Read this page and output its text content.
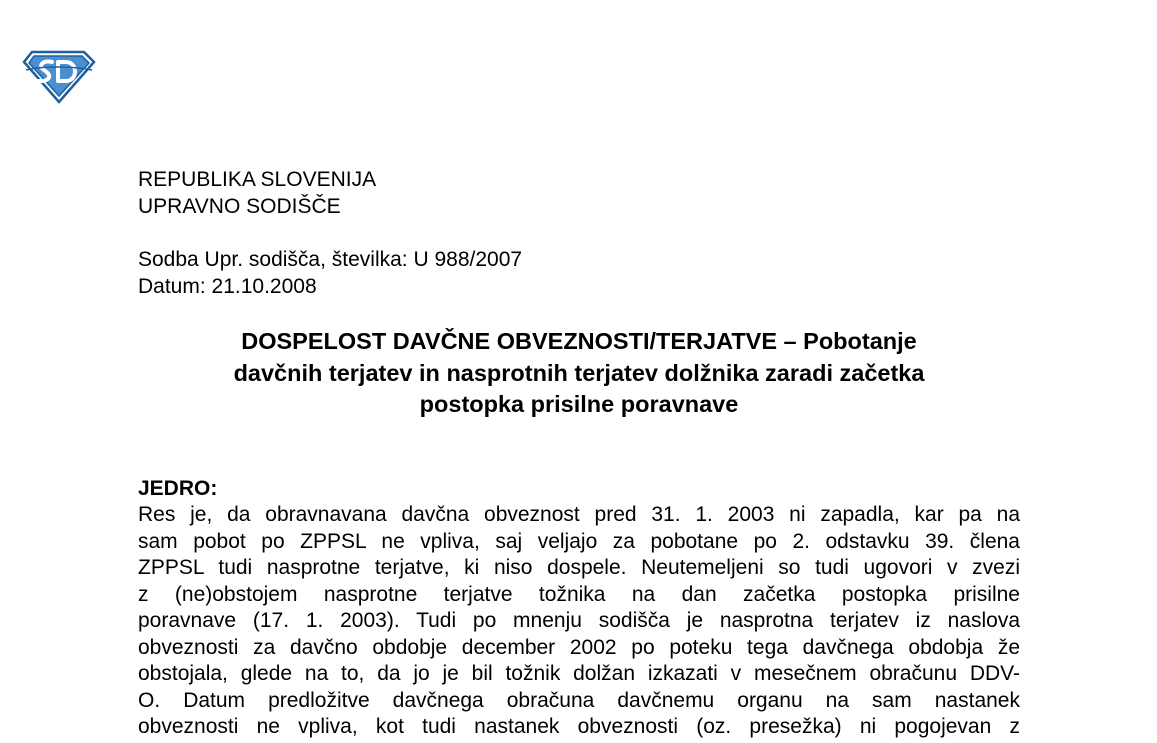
REPUBLIKA SLOVENIJA
UPRAVNO SODIŠČE
Sodba Upr. sodišča, številka: U 988/2007
Datum: 21.10.2008
DOSPELOST DAVČNE OBVEZNOSTI/TERJATVE – Pobotanje
davčnih terjatev in nasprotnih terjatev dolžnika zaradi začetka
postopka prisilne poravnave
JEDRO:
Res je, da obravnavana davčna obveznost pred 31. 1. 2003 ni zapadla, kar pa na
sam pobot po ZPPSL ne vpliva, saj veljajo za pobotane po 2. odstavku 39. člena
ZPPSL tudi nasprotne terjatve, ki niso dospele. Neutemeljeni so tudi ugovori v zvezi
z (ne)obstojem nasprotne terjatve tožnika na dan začetka postopka prisilne
poravnave (17. 1. 2003). Tudi po mnenju sodišča je nasprotna terjatev iz naslova
obveznosti za davčno obdobje december 2002 po poteku tega davčnega obdobja že
obstojala, glede na to, da jo je bil tožnik dolžan izkazati v mesečnem obračunu DDV-
O. Datum predložitve davčnega obračuna davčnemu organu na sam nastanek
obveznosti ne vpliva, kot tudi nastanek obveznosti (oz. presežka) ni pogojevan z
